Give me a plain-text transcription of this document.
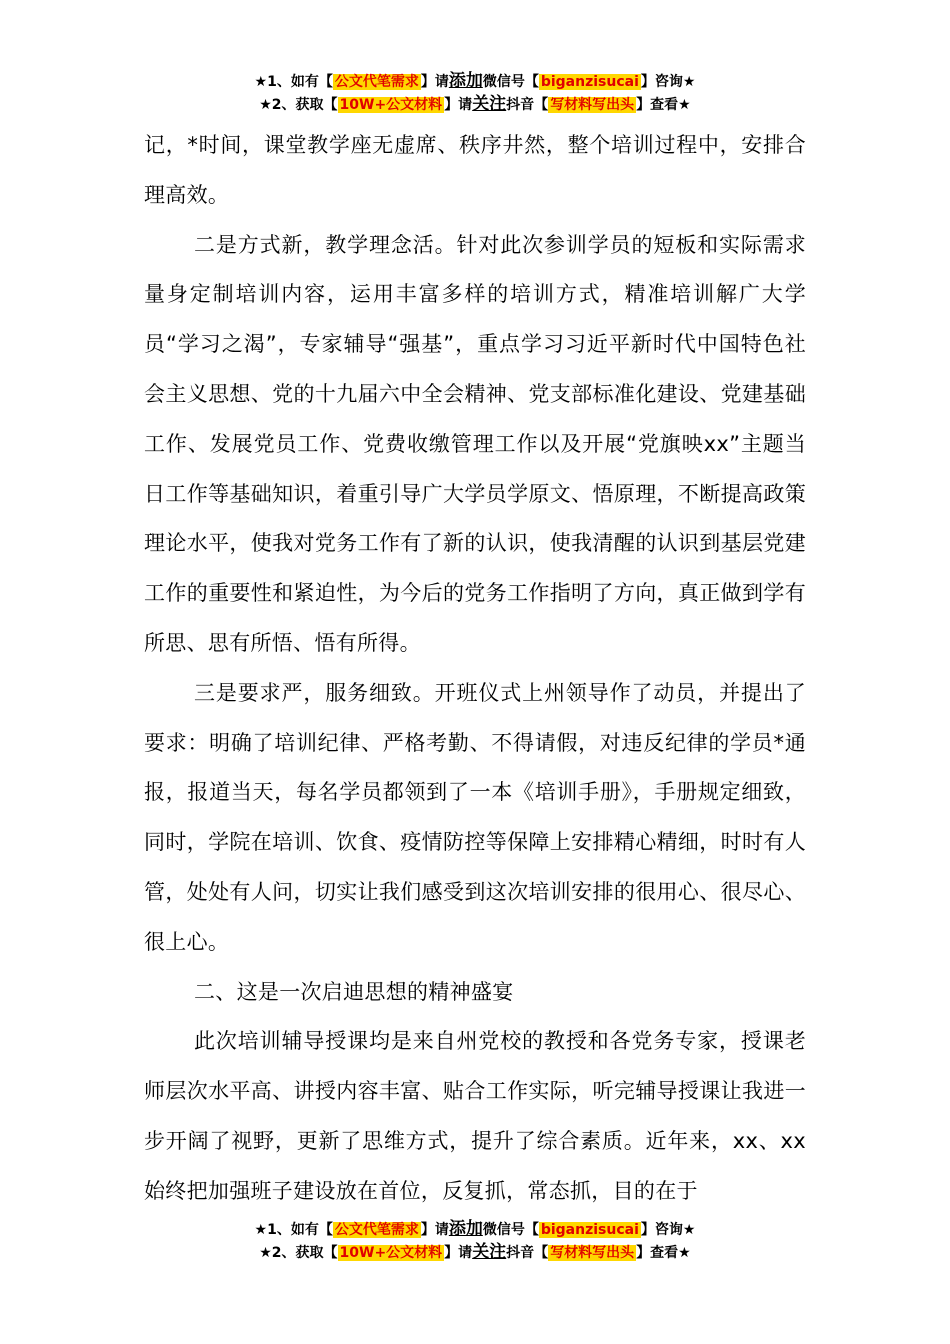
★1、如有【 公文代笔需求 】请添加微信号【 biganzisucai 】咨询★
★2、获取【 10W+公文材料 】请关注抖音【 写材料写出头 】查看★

记，*时间，课堂教学座无虚席、秩序井然，整个培训过程中，安排合理高效。

二是方式新，教学理念活。针对此次参训学员的短板和实际需求量身定制培训内容，运用丰富多样的培训方式，精准培训解广大学员“学习之渴”，专家辅导“强基”，重点学习习近平新时代中国特色社会主义思想、党的十九届六中全会精神、党支部标准化建设、党建基础工作、发展党员工作、党费收缴管理工作以及开展“党旗映xx”主题当日工作等基础知识，着重引导广大学员学原文、悟原理，不断提高政策理论水平，使我对党务工作有了新的认识，使我清醒的认识到基层党建工作的重要性和紧迫性，为今后的党务工作指明了方向，真正做到学有所思、思有所悟、悟有所得。

三是要求严，服务细致。开班仪式上州领导作了动员，并提出了要求：明确了培训纪律、严格考勤、不得请假，对违反纪律的学员*通报，报道当天，每名学员都领到了一本《培训手册》，手册规定细致，同时，学院在培训、饮食、疫情防控等保障上安排精心精细，时时有人管，处处有人问，切实让我们感受到这次培训安排的很用心、很尽心、很上心。

二、这是一次启迪思想的精神盛宴

此次培训辅导授课均是来自州党校的教授和各党务专家，授课老师层次水平高、讲授内容丰富、贴合工作实际，听完辅导授课让我进一步开阔了视野，更新了思维方式，提升了综合素质。近年来，xx、xx始终把加强班子建设放在首位，反复抓，常态抓，目的在于

★1、如有【 公文代笔需求 】请添加微信号【 biganzisucai 】咨询★
★2、获取【 10W+公文材料 】请关注抖音【 写材料写出头 】查看★
